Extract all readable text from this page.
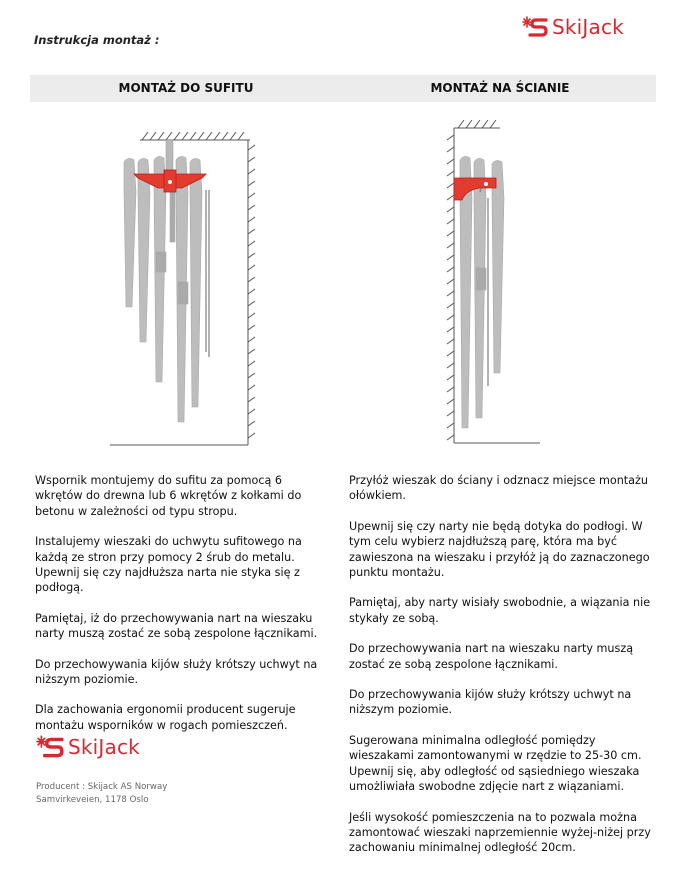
Instrukcja montaż :
SkiJack
MONTAŻ DO SUFITU	MONTAŻ NA ŚCIANIE

Wspornik montujemy do sufitu za pomocą 6 wkrętów do drewna lub 6 wkrętów z kołkami do betonu w zależności od typu stropu.

Instalujemy wieszaki do uchwytu sufitowego na każdą ze stron przy pomocy 2 śrub do metalu. Upewnij się czy najdłuższa narta nie styka się z podłogą.

Pamiętaj, iż do przechowywania nart na wieszaku narty muszą zostać ze sobą zespolone łącznikami.

Do przechowywania kijów służy krótszy uchwyt na niższym poziomie.

Dla zachowania ergonomii producent sugeruje montażu wsporników w rogach pomieszczeń.

Przyłóż wieszak do ściany i odznacz miejsce montażu ołówkiem.

Upewnij się czy narty nie będą dotyka do podłogi. W tym celu wybierz najdłuższą parę, która ma być zawieszona na wieszaku i przyłóż ją do zaznaczonego punktu montażu.

Pamiętaj, aby narty wisiały swobodnie, a wiązania nie stykały ze sobą.

Do przechowywania nart na wieszaku narty muszą zostać ze sobą zespolone łącznikami.

Do przechowywania kijów służy krótszy uchwyt na niższym poziomie.

Sugerowana minimalna odległość pomiędzy wieszakami zamontowanymi w rzędzie to 25-30 cm. Upewnij się, aby odległość od sąsiedniego wieszaka umożliwiała swobodne zdjęcie nart z wiązaniami.

Jeśli wysokość pomieszczenia na to pozwala można zamontować wieszaki naprzemiennie wyżej-niżej przy zachowaniu minimalnej odległość 20cm.

SkiJack
Producent : Skijack AS Norway
Samvirkeveien, 1178 Oslo
